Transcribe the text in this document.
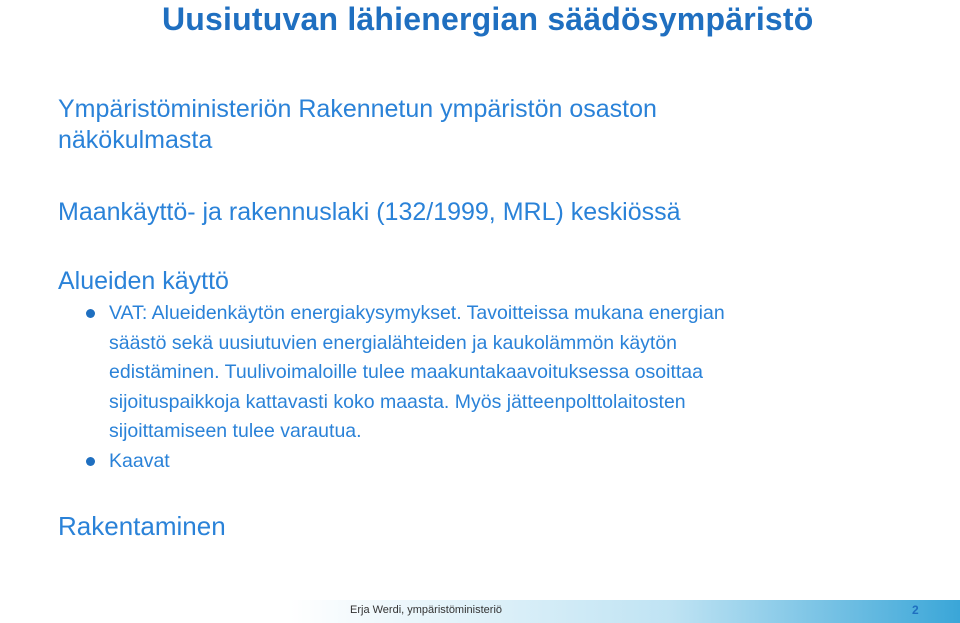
Uusiutuvan lähienergian säädösympäristö
Ympäristöministeriön Rakennetun ympäristön osaston
näkökulmasta
Maankäyttö- ja rakennuslaki (132/1999, MRL) keskiössä
Alueiden käyttö
VAT: Alueidenkäytön energiakysymykset. Tavoitteissa mukana energian
säästö sekä uusiutuvien energialähteiden ja kaukolämmön käytön
edistäminen. Tuulivoimaloille tulee maakuntakaavoituksessa osoittaa
sijoituspaikkoja kattavasti koko maasta. Myös jätteenpolttolaitosten
sijoittamiseen tulee varautua.
Kaavat
Rakentaminen
Erja Werdi, ympäristöministeriö	2
